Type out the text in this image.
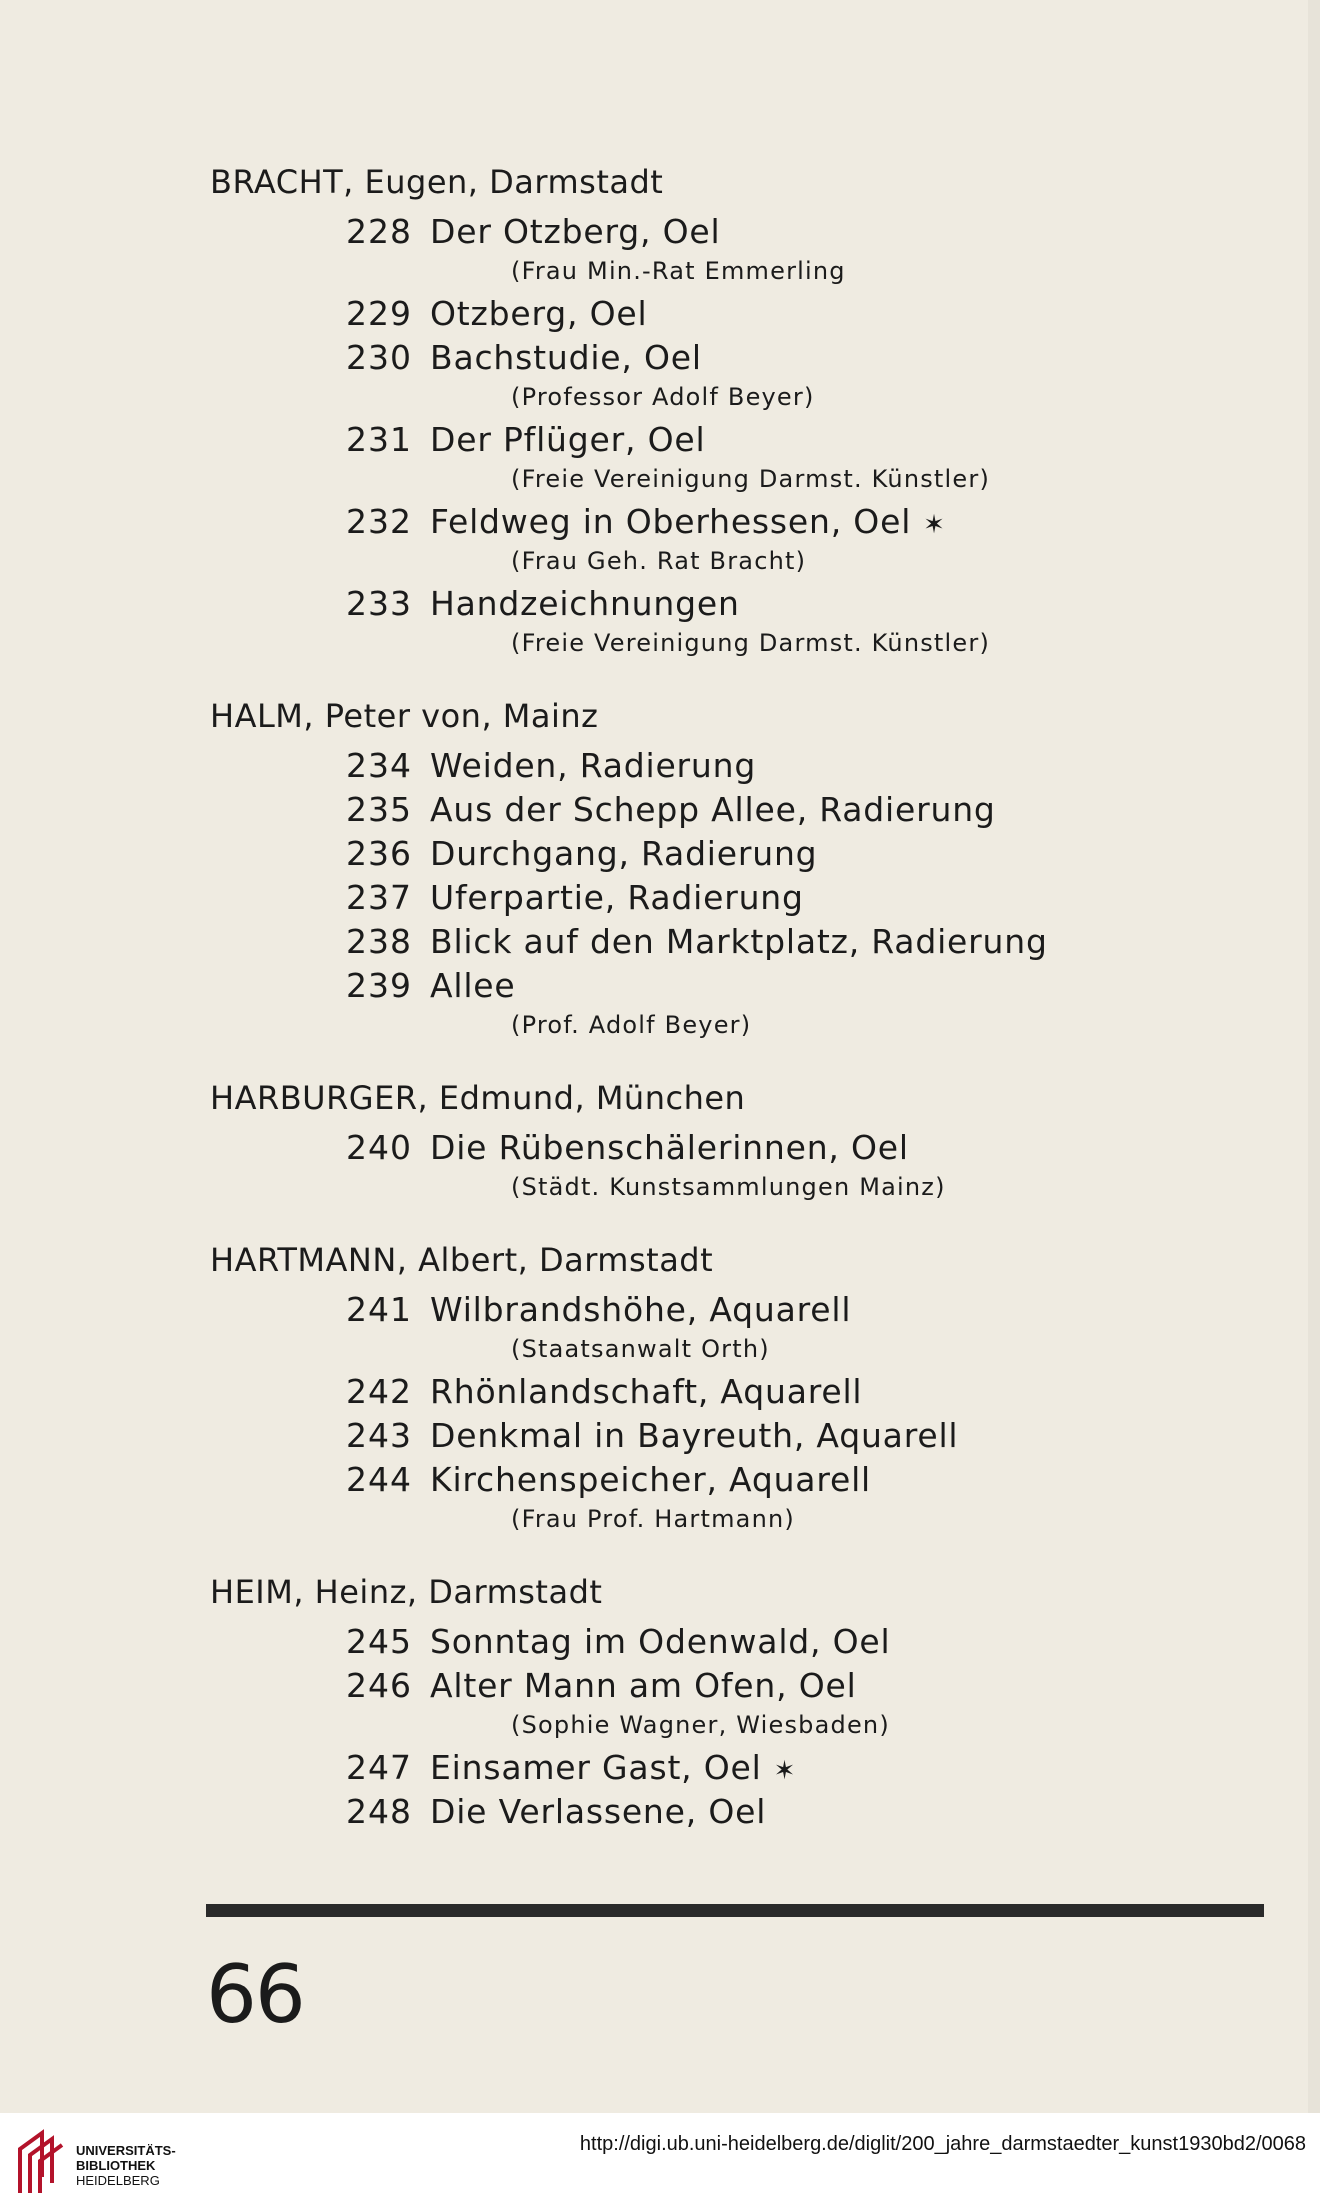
BRACHT, Eugen, Darmstadt
228 Der Otzberg, Oel
(Frau Min.-Rat Emmerling
229 Otzberg, Oel
230 Bachstudie, Oel
(Professor Adolf Beyer)
231 Der Pflüger, Oel
(Freie Vereinigung Darmst. Künstler)
232 Feldweg in Oberhessen, Oel ✶
(Frau Geh. Rat Bracht)
233 Handzeichnungen
(Freie Vereinigung Darmst. Künstler)
HALM, Peter von, Mainz
234 Weiden, Radierung
235 Aus der Schepp Allee, Radierung
236 Durchgang, Radierung
237 Uferpartie, Radierung
238 Blick auf den Marktplatz, Radierung
239 Allee
(Prof. Adolf Beyer)
HARBURGER, Edmund, München
240 Die Rübenschälerinnen, Oel
(Städt. Kunstsammlungen Mainz)
HARTMANN, Albert, Darmstadt
241 Wilbrandshöhe, Aquarell
(Staatsanwalt Orth)
242 Rhönlandschaft, Aquarell
243 Denkmal in Bayreuth, Aquarell
244 Kirchenspeicher, Aquarell
(Frau Prof. Hartmann)
HEIM, Heinz, Darmstadt
245 Sonntag im Odenwald, Oel
246 Alter Mann am Ofen, Oel
(Sophie Wagner, Wiesbaden)
247 Einsamer Gast, Oel ✶
248 Die Verlassene, Oel
66
UNIVERSITÄTS-
BIBLIOTHEK
HEIDELBERG
http://digi.ub.uni-heidelberg.de/diglit/200_jahre_darmstaedter_kunst1930bd2/0068
